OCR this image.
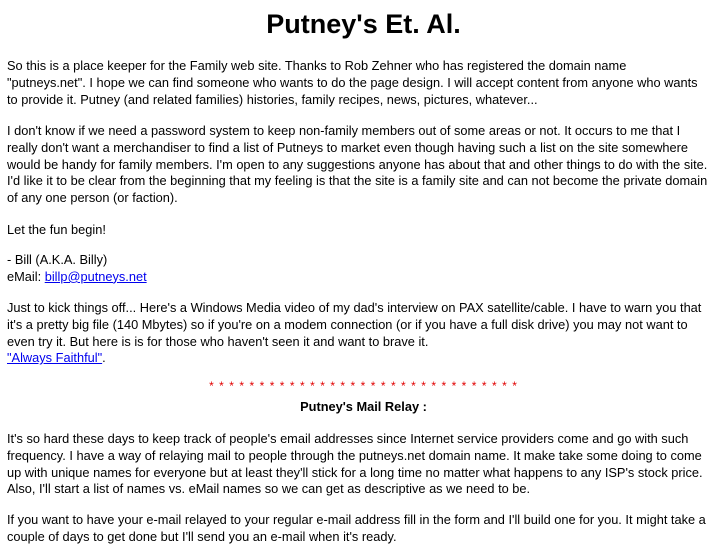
Putney's Et. Al.
So this is a place keeper for the Family web site. Thanks to Rob Zehner who has registered the domain name
"putneys.net". I hope we can find someone who wants to do the page design. I will accept content from anyone who wants
to provide it. Putney (and related families) histories, family recipes, news, pictures, whatever...
I don't know if we need a password system to keep non-family members out of some areas or not. It occurs to me that I
really don't want a merchandiser to find a list of Putneys to market even though having such a list on the site somewhere
would be handy for family members. I'm open to any suggestions anyone has about that and other things to do with the site.
I'd like it to be clear from the beginning that my feeling is that the site is a family site and can not become the private domain
of any one person (or faction).
Let the fun begin!
- Bill (A.K.A. Billy)
eMail: billp@putneys.net
Just to kick things off... Here's a Windows Media video of my dad's interview on PAX satellite/cable. I have to warn you that
it's a pretty big file (140 Mbytes) so if you're on a modem connection (or if you have a full disk drive) you may not want to
even try it. But here is is for those who haven't seen it and want to brave it.
"Always Faithful".
* * * * * * * * * * * * * * * * * * * * * * * * * * * * * * *
Putney's Mail Relay :
It's so hard these days to keep track of people's email addresses since Internet service providers come and go with such
frequency. I have a way of relaying mail to people through the putneys.net domain name. It make take some doing to come
up with unique names for everyone but at least they'll stick for a long time no matter what happens to any ISP's stock price.
Also, I'll start a list of names vs. eMail names so we can get as descriptive as we need to be.
If you want to have your e-mail relayed to your regular e-mail address fill in the form and I'll build one for you. It might take a
couple of days to get done but I'll send you an e-mail when it's ready.
